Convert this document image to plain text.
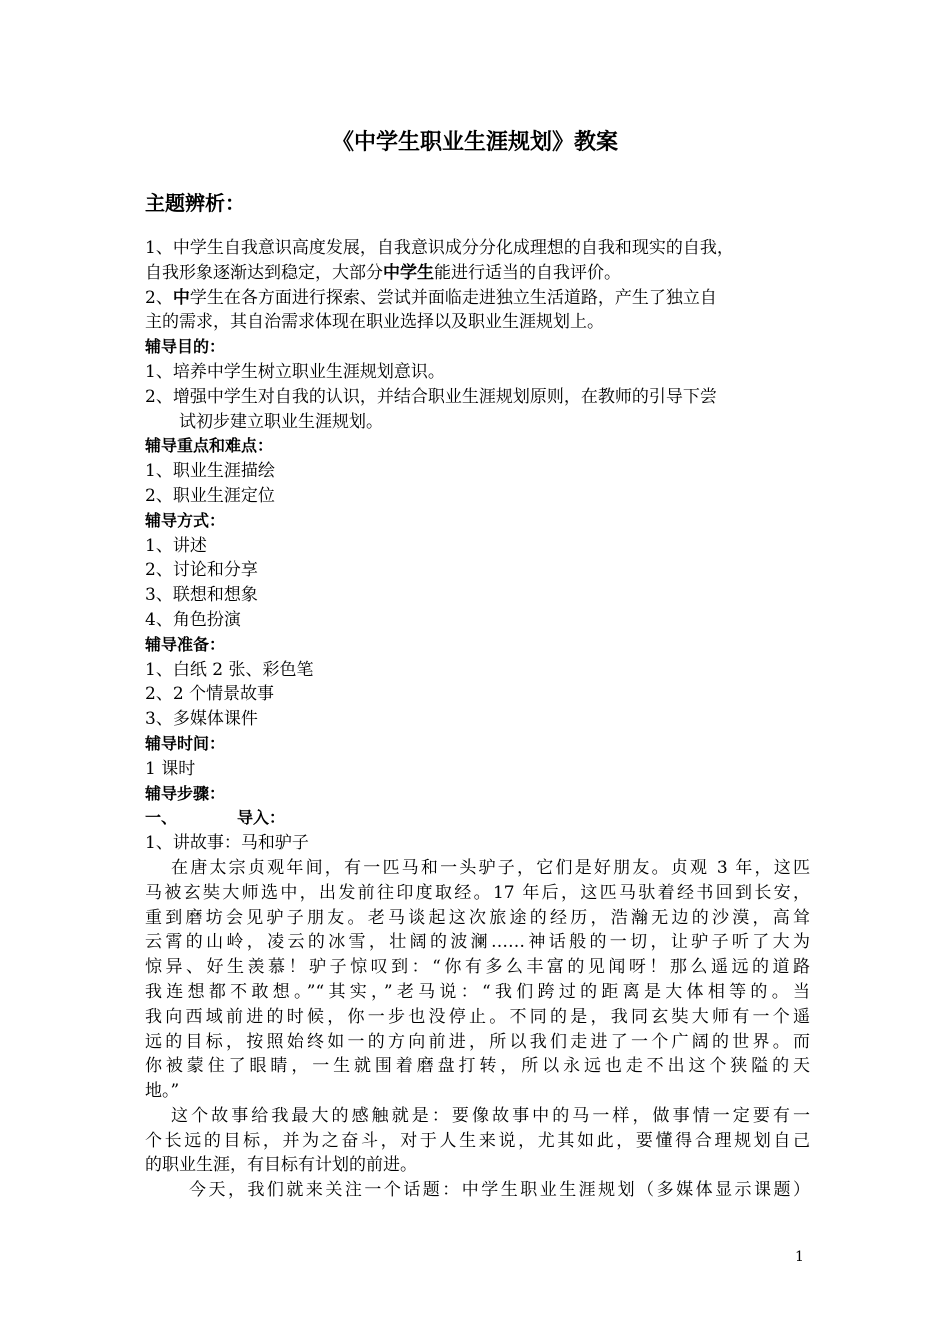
《中学生职业生涯规划》教案
主题辨析：
1、中学生自我意识高度发展，自我意识成分分化成理想的自我和现实的自我，
自我形象逐渐达到稳定，大部分中学生能进行适当的自我评价。
2、中学生在各方面进行探索、尝试并面临走进独立生活道路，产生了独立自
主的需求，其自治需求体现在职业选择以及职业生涯规划上。
辅导目的：
1、培养中学生树立职业生涯规划意识。
2、增强中学生对自我的认识，并结合职业生涯规划原则，在教师的引导下尝
试初步建立职业生涯规划。
辅导重点和难点：
1、职业生涯描绘
2、职业生涯定位
辅导方式：
1、讲述
2、讨论和分享
3、联想和想象
4、角色扮演
辅导准备：
1、白纸 2 张、彩色笔
2、2 个情景故事
3、多媒体课件
辅导时间：
1 课时
辅导步骤：
一、	导入：
1、讲故事：马和驴子
在唐太宗贞观年间，有一匹马和一头驴子，它们是好朋友。贞观 3 年，这匹
马被玄奘大师选中，出发前往印度取经。17 年后，这匹马驮着经书回到长安，
重到磨坊会见驴子朋友。老马谈起这次旅途的经历，浩瀚无边的沙漠，高耸
云霄的山岭，凌云的冰雪，壮阔的波澜……神话般的一切，让驴子听了大为
惊异、好生羡慕！驴子惊叹到：“你有多么丰富的见闻呀！那么遥远的道路
我连想都不敢想。”“其实，”老马说：“我们跨过的距离是大体相等的。当
我向西域前进的时候，你一步也没停止。不同的是，我同玄奘大师有一个遥
远的目标，按照始终如一的方向前进，所以我们走进了一个广阔的世界。而
你被蒙住了眼睛，一生就围着磨盘打转，所以永远也走不出这个狭隘的天
地。”
这个故事给我最大的感触就是：要像故事中的马一样，做事情一定要有一
个长远的目标，并为之奋斗，对于人生来说，尤其如此，要懂得合理规划自己
的职业生涯，有目标有计划的前进。
今天，我们就来关注一个话题：中学生职业生涯规划（多媒体显示课题）
1
